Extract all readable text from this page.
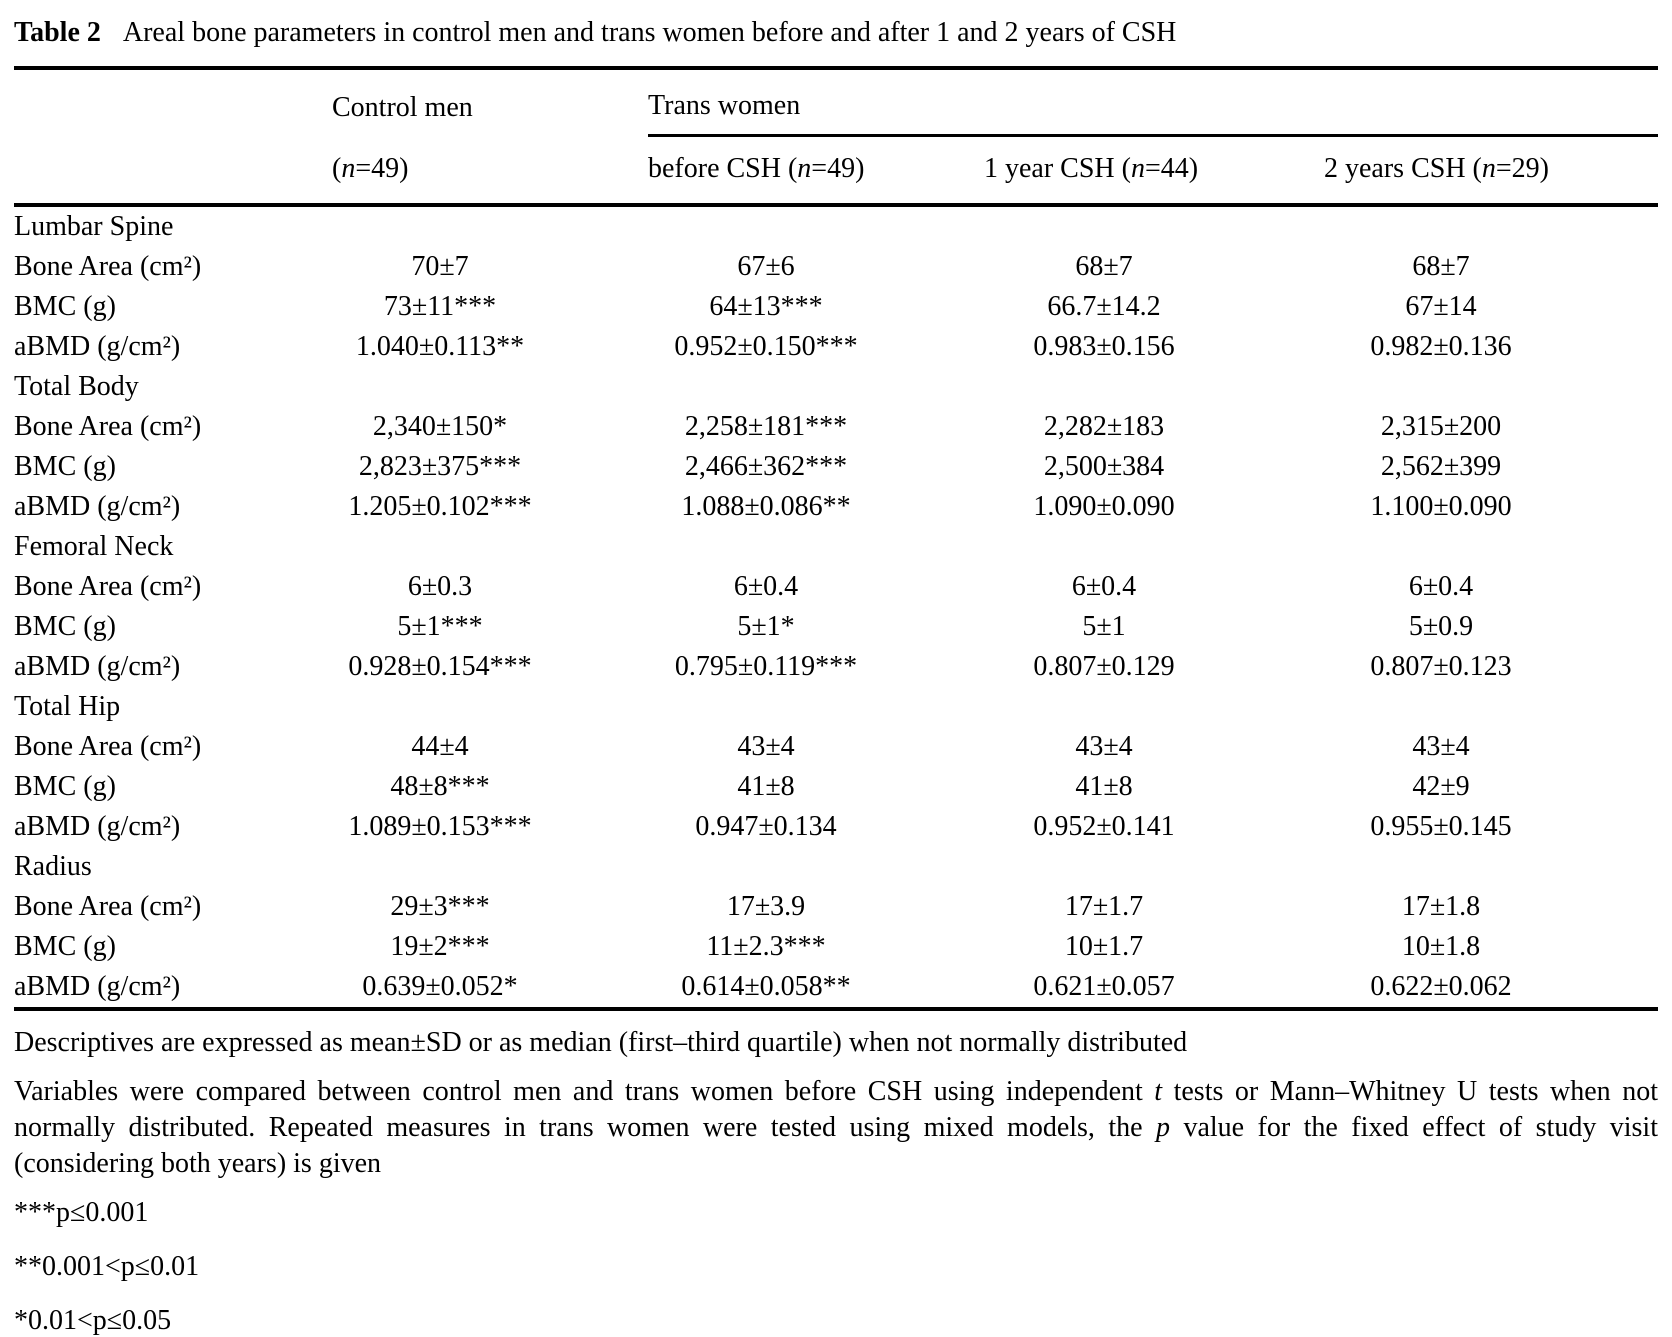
Table 2 Areal bone parameters in control men and trans women before and after 1 and 2 years of CSH
	Control men	Trans women		
	(n=49)	before CSH (n=49)	1 year CSH (n=44)	2 years CSH (n=29)
Lumbar Spine				
Bone Area (cm²)	70±7	67±6	68±7	68±7
BMC (g)	73±11***	64±13***	66.7±14.2	67±14
aBMD (g/cm²)	1.040±0.113**	0.952±0.150***	0.983±0.156	0.982±0.136
Total Body				
Bone Area (cm²)	2,340±150*	2,258±181***	2,282±183	2,315±200
BMC (g)	2,823±375***	2,466±362***	2,500±384	2,562±399
aBMD (g/cm²)	1.205±0.102***	1.088±0.086**	1.090±0.090	1.100±0.090
Femoral Neck				
Bone Area (cm²)	6±0.3	6±0.4	6±0.4	6±0.4
BMC (g)	5±1***	5±1*	5±1	5±0.9
aBMD (g/cm²)	0.928±0.154***	0.795±0.119***	0.807±0.129	0.807±0.123
Total Hip				
Bone Area (cm²)	44±4	43±4	43±4	43±4
BMC (g)	48±8***	41±8	41±8	42±9
aBMD (g/cm²)	1.089±0.153***	0.947±0.134	0.952±0.141	0.955±0.145
Radius				
Bone Area (cm²)	29±3***	17±3.9	17±1.7	17±1.8
BMC (g)	19±2***	11±2.3***	10±1.7	10±1.8
aBMD (g/cm²)	0.639±0.052*	0.614±0.058**	0.621±0.057	0.622±0.062
Descriptives are expressed as mean±SD or as median (first–third quartile) when not normally distributed
Variables were compared between control men and trans women before CSH using independent t tests or Mann–Whitney U tests when not normally distributed. Repeated measures in trans women were tested using mixed models, the p value for the fixed effect of study visit (considering both years) is given
***p≤0.001
**0.001<p≤0.01
*0.01<p≤0.05
